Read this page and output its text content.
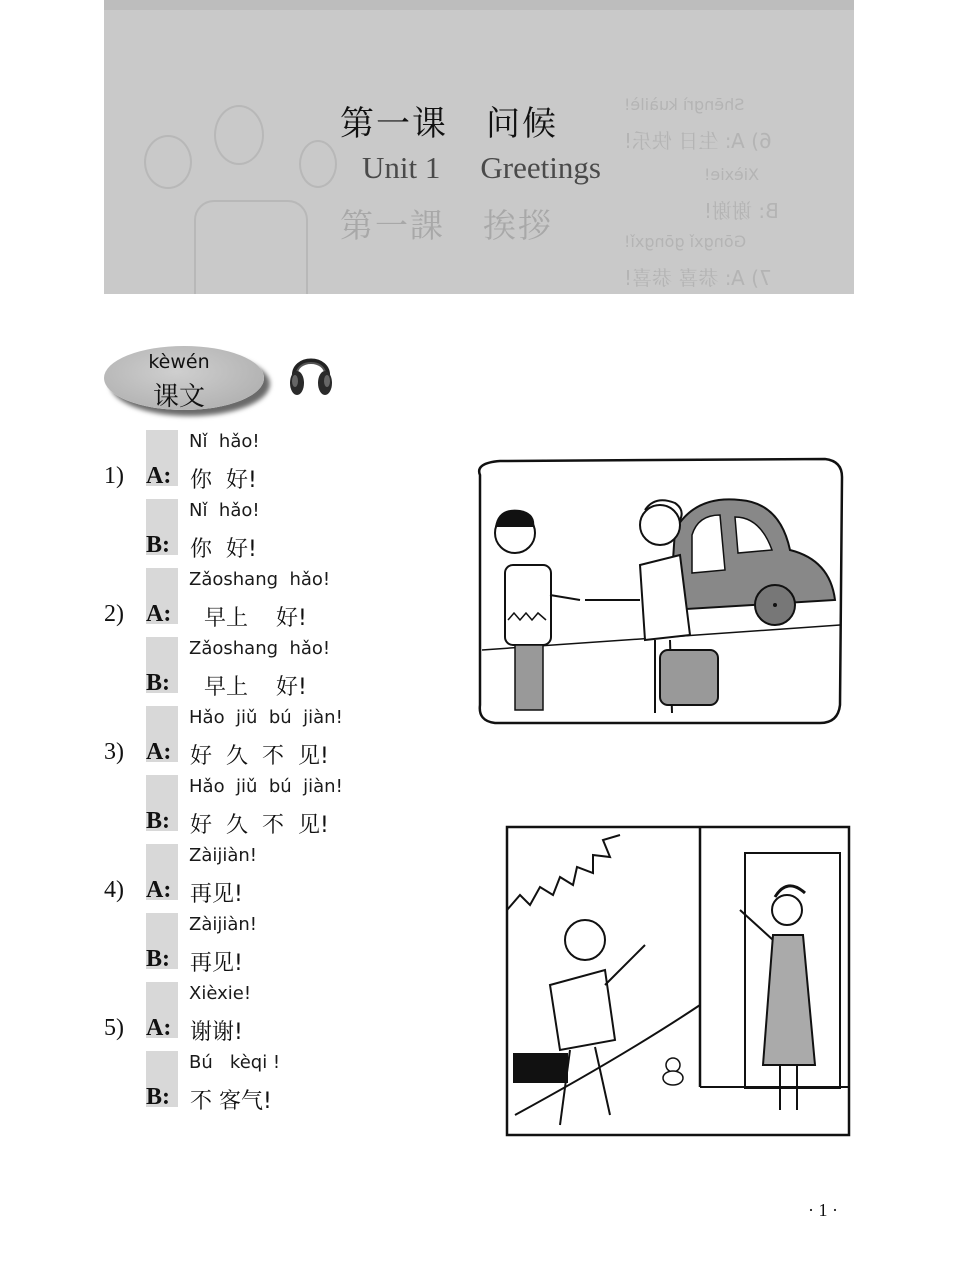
Shēngrì kuàilè!
6) A: 生日 快乐!
Xièxie!
B: 谢谢!
Gōngxǐ gōngxǐ!
7) A: 恭喜 恭喜!
第一课 问候
Unit 1 Greetings
第一課 挨拶
kèwén
课文
Nǐ  hǎo!
1) A: 你  好!
Nǐ  hǎo!
B: 你  好!
Zǎoshang  hǎo!
2) A: 早上    好!
Zǎoshang  hǎo!
B: 早上    好!
Hǎo  jiǔ  bú  jiàn!
3) A: 好  久  不  见!
Hǎo  jiǔ  bú  jiàn!
B: 好  久  不  见!
Zàijiàn!
4) A: 再见!
Zàijiàn!
B: 再见!
Xièxie!
5) A: 谢谢!
Bú   kèqi !
B: 不 客气!
· 1 ·
